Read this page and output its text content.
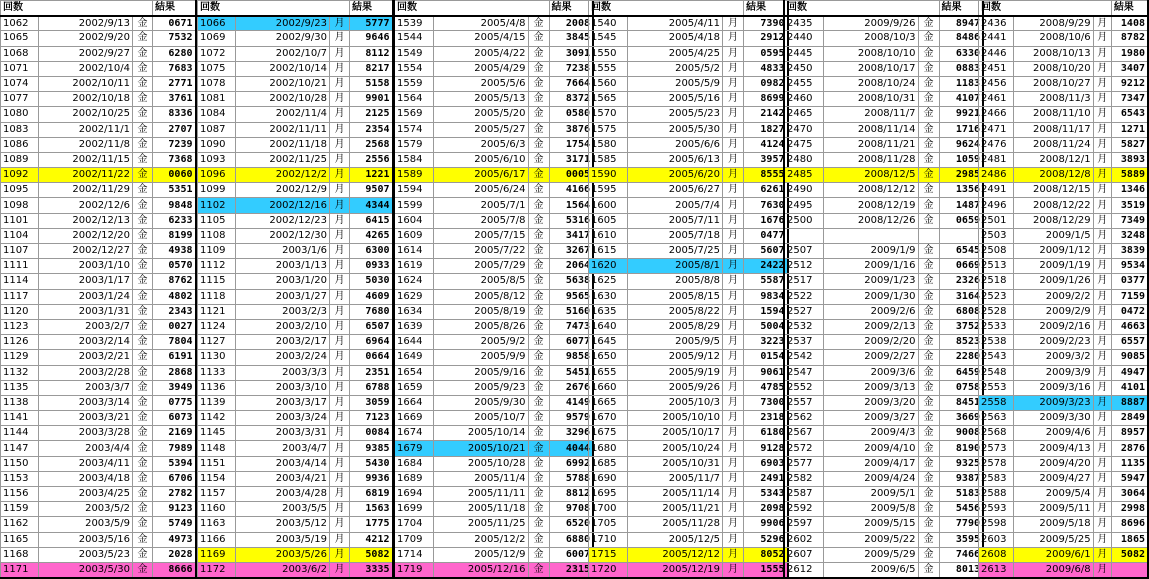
回数			結果
1062	2002/9/13	金	0671
1065	2002/9/20	金	7532
1068	2002/9/27	金	6280
1071	2002/10/4	金	7683
1074	2002/10/11	金	2771
1077	2002/10/18	金	3761
1080	2002/10/25	金	8336
1083	2002/11/1	金	2707
1086	2002/11/8	金	7239
1089	2002/11/15	金	7368
1092	2002/11/22	金	0060
1095	2002/11/29	金	5351
1098	2002/12/6	金	9848
1101	2002/12/13	金	6233
1104	2002/12/20	金	8199
1107	2002/12/27	金	4938
1111	2003/1/10	金	0570
1114	2003/1/17	金	8762
1117	2003/1/24	金	4802
1120	2003/1/31	金	2343
1123	2003/2/7	金	0027
1126	2003/2/14	金	7804
1129	2003/2/21	金	6191
1132	2003/2/28	金	2868
1135	2003/3/7	金	3949
1138	2003/3/14	金	0775
1141	2003/3/21	金	6073
1144	2003/3/28	金	2169
1147	2003/4/4	金	7989
1150	2003/4/11	金	5394
1153	2003/4/18	金	6706
1156	2003/4/25	金	2782
1159	2003/5/2	金	9123
1162	2003/5/9	金	5749
1165	2003/5/16	金	4973
1168	2003/5/23	金	2028
1171	2003/5/30	金	8666
回数			結果
1066	2002/9/23	月	5777
1069	2002/9/30	月	9646
1072	2002/10/7	月	8112
1075	2002/10/14	月	8217
1078	2002/10/21	月	5158
1081	2002/10/28	月	9901
1084	2002/11/4	月	2125
1087	2002/11/11	月	2354
1090	2002/11/18	月	2568
1093	2002/11/25	月	2556
1096	2002/12/2	月	1221
1099	2002/12/9	月	9507
1102	2002/12/16	月	4344
1105	2002/12/23	月	6415
1108	2002/12/30	月	4265
1109	2003/1/6	月	6300
1112	2003/1/13	月	0933
1115	2003/1/20	月	5030
1118	2003/1/27	月	4609
1121	2003/2/3	月	7680
1124	2003/2/10	月	6507
1127	2003/2/17	月	6964
1130	2003/2/24	月	0664
1133	2003/3/3	月	2351
1136	2003/3/10	月	6788
1139	2003/3/17	月	3059
1142	2003/3/24	月	7123
1145	2003/3/31	月	0084
1148	2003/4/7	月	9385
1151	2003/4/14	月	5430
1154	2003/4/21	月	9936
1157	2003/4/28	月	6819
1160	2003/5/5	月	1563
1163	2003/5/12	月	1775
1166	2003/5/19	月	4212
1169	2003/5/26	月	5082
1172	2003/6/2	月	3335
回数			結果
1539	2005/4/8	金	2008
1544	2005/4/15	金	3845
1549	2005/4/22	金	3091
1554	2005/4/29	金	7238
1559	2005/5/6	金	7664
1564	2005/5/13	金	8372
1569	2005/5/20	金	0580
1574	2005/5/27	金	3876
1579	2005/6/3	金	1754
1584	2005/6/10	金	3171
1589	2005/6/17	金	0005
1594	2005/6/24	金	4166
1599	2005/7/1	金	1564
1604	2005/7/8	金	5316
1609	2005/7/15	金	3417
1614	2005/7/22	金	3267
1619	2005/7/29	金	2064
1624	2005/8/5	金	5638
1629	2005/8/12	金	9565
1634	2005/8/19	金	5160
1639	2005/8/26	金	7473
1644	2005/9/2	金	6077
1649	2005/9/9	金	9858
1654	2005/9/16	金	5451
1659	2005/9/23	金	2676
1664	2005/9/30	金	4149
1669	2005/10/7	金	9579
1674	2005/10/14	金	3296
1679	2005/10/21	金	4044
1684	2005/10/28	金	6992
1689	2005/11/4	金	5788
1694	2005/11/11	金	8812
1699	2005/11/18	金	9708
1704	2005/11/25	金	6520
1709	2005/12/2	金	6880
1714	2005/12/9	金	6007
1719	2005/12/16	金	2315
回数			結果
1540	2005/4/11	月	7390
1545	2005/4/18	月	2912
1550	2005/4/25	月	0595
1555	2005/5/2	月	4833
1560	2005/5/9	月	0982
1565	2005/5/16	月	8699
1570	2005/5/23	月	2142
1575	2005/5/30	月	1827
1580	2005/6/6	月	4124
1585	2005/6/13	月	3957
1590	2005/6/20	月	8555
1595	2005/6/27	月	6261
1600	2005/7/4	月	7630
1605	2005/7/11	月	1676
1610	2005/7/18	月	0477
1615	2005/7/25	月	5607
1620	2005/8/1	月	2422
1625	2005/8/8	月	5587
1630	2005/8/15	月	9834
1635	2005/8/22	月	1594
1640	2005/8/29	月	5004
1645	2005/9/5	月	3223
1650	2005/9/12	月	0154
1655	2005/9/19	月	9061
1660	2005/9/26	月	4785
1665	2005/10/3	月	7300
1670	2005/10/10	月	2318
1675	2005/10/17	月	6180
1680	2005/10/24	月	9128
1685	2005/10/31	月	6903
1690	2005/11/7	月	2491
1695	2005/11/14	月	5343
1700	2005/11/21	月	2098
1705	2005/11/28	月	9906
1710	2005/12/5	月	5296
1715	2005/12/12	月	8052
1720	2005/12/19	月	1555
回数			結果
2435	2009/9/26	金	8947
2440	2008/10/3	金	8486
2445	2008/10/10	金	6330
2450	2008/10/17	金	0883
2455	2008/10/24	金	1183
2460	2008/10/31	金	4107
2465	2008/11/7	金	9921
2470	2008/11/14	金	1716
2475	2008/11/21	金	9624
2480	2008/11/28	金	1059
2485	2008/12/5	金	2985
2490	2008/12/12	金	1356
2495	2008/12/19	金	1487
2500	2008/12/26	金	0659

2507	2009/1/9	金	6545
2512	2009/1/16	金	0669
2517	2009/1/23	金	2326
2522	2009/1/30	金	3164
2527	2009/2/6	金	6808
2532	2009/2/13	金	3752
2537	2009/2/20	金	8523
2542	2009/2/27	金	2280
2547	2009/3/6	金	6459
2552	2009/3/13	金	0758
2557	2009/3/20	金	8451
2562	2009/3/27	金	3669
2567	2009/4/3	金	9008
2572	2009/4/10	金	8190
2577	2009/4/17	金	9325
2582	2009/4/24	金	9387
2587	2009/5/1	金	5183
2592	2009/5/8	金	5456
2597	2009/5/15	金	7790
2602	2009/5/22	金	3595
2607	2009/5/29	金	7466
2612	2009/6/5	金	8013
回数			結果
2436	2008/9/29	月	1408
2441	2008/10/6	月	8782
2446	2008/10/13	月	1980
2451	2008/10/20	月	3407
2456	2008/10/27	月	9212
2461	2008/11/3	月	7347
2466	2008/11/10	月	6543
2471	2008/11/17	月	1271
2476	2008/11/24	月	5827
2481	2008/12/1	月	3893
2486	2008/12/8	月	5889
2491	2008/12/15	月	1346
2496	2008/12/22	月	3519
2501	2008/12/29	月	7349
2503	2009/1/5	月	3248
2508	2009/1/12	月	3839
2513	2009/1/19	月	9534
2518	2009/1/26	月	0377
2523	2009/2/2	月	7159
2528	2009/2/9	月	0472
2533	2009/2/16	月	4663
2538	2009/2/23	月	6557
2543	2009/3/2	月	9085
2548	2009/3/9	月	4947
2553	2009/3/16	月	4101
2558	2009/3/23	月	8887
2563	2009/3/30	月	2849
2568	2009/4/6	月	8957
2573	2009/4/13	月	2876
2578	2009/4/20	月	1135
2583	2009/4/27	月	5947
2588	2009/5/4	月	3064
2593	2009/5/11	月	2998
2598	2009/5/18	月	8696
2603	2009/5/25	月	1865
2608	2009/6/1	月	5082
2613	2009/6/8	月	
